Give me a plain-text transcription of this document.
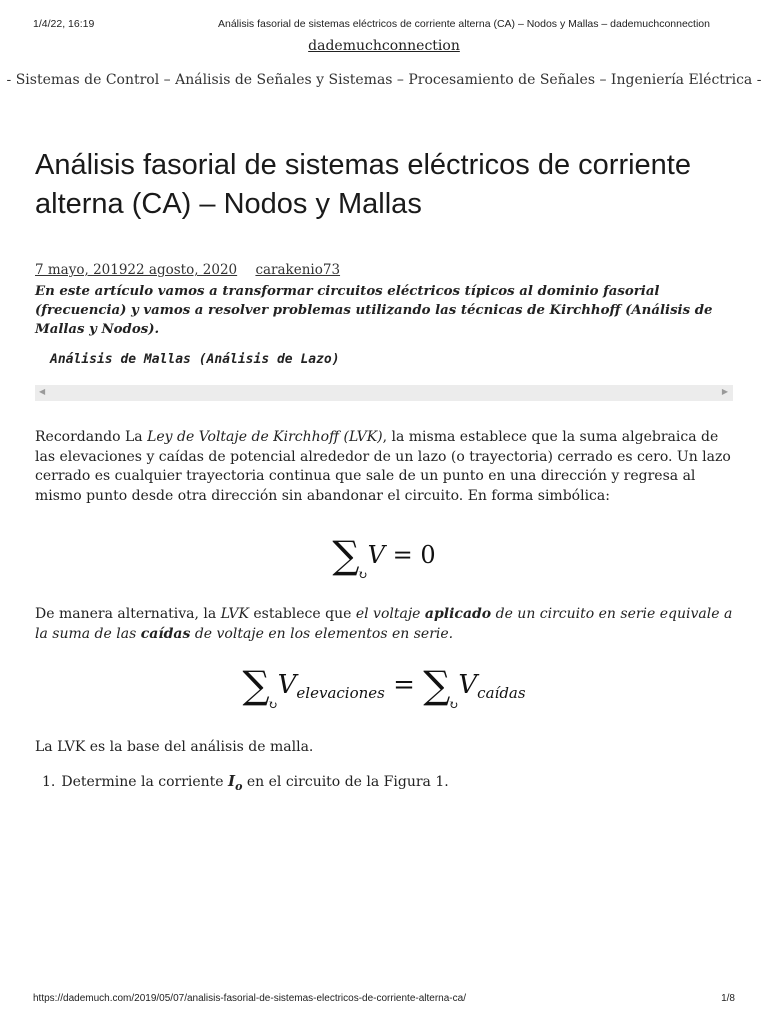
1/4/22, 16:19	Análisis fasorial de sistemas eléctricos de corriente alterna (CA) – Nodos y Mallas – dademuchconnection
dademuchconnection
- Sistemas de Control – Análisis de Señales y Sistemas – Procesamiento de Señales – Ingeniería Eléctrica -
Análisis fasorial de sistemas eléctricos de corriente alterna (CA) – Nodos y Mallas
7 mayo, 201922 agosto, 2020 carakenio73
En este artículo vamos a transformar circuitos eléctricos típicos al dominio fasorial (frecuencia) y vamos a resolver problemas utilizando las técnicas de Kirchhoff (Análisis de Mallas y Nodos).
Análisis de Mallas (Análisis de Lazo)
◀	▶

Recordando La Ley de Voltaje de Kirchhoff (LVK), la misma establece que la suma algebraica de las elevaciones y caídas de potencial alrededor de un lazo (o trayectoria) cerrado es cero. Un lazo cerrado es cualquier trayectoria continua que sale de un punto en una dirección y regresa al mismo punto desde otra dirección sin abandonar el circuito. En forma simbólica:

$\sum_↻V = 0$

De manera alternativa, la LVK establece que el voltaje aplicado de un circuito en serie equivale a la suma de las caídas de voltaje en los elementos en serie.

$\sum_↻Velevaciones$ = $\sum_↻Vcaídas$

La LVK es la base del análisis de malla.

1. Determine la corriente $I_o$ en el circuito de la Figura 1.
https://dademuch.com/2019/05/07/analisis-fasorial-de-sistemas-electricos-de-corriente-alterna-ca/	1/8
